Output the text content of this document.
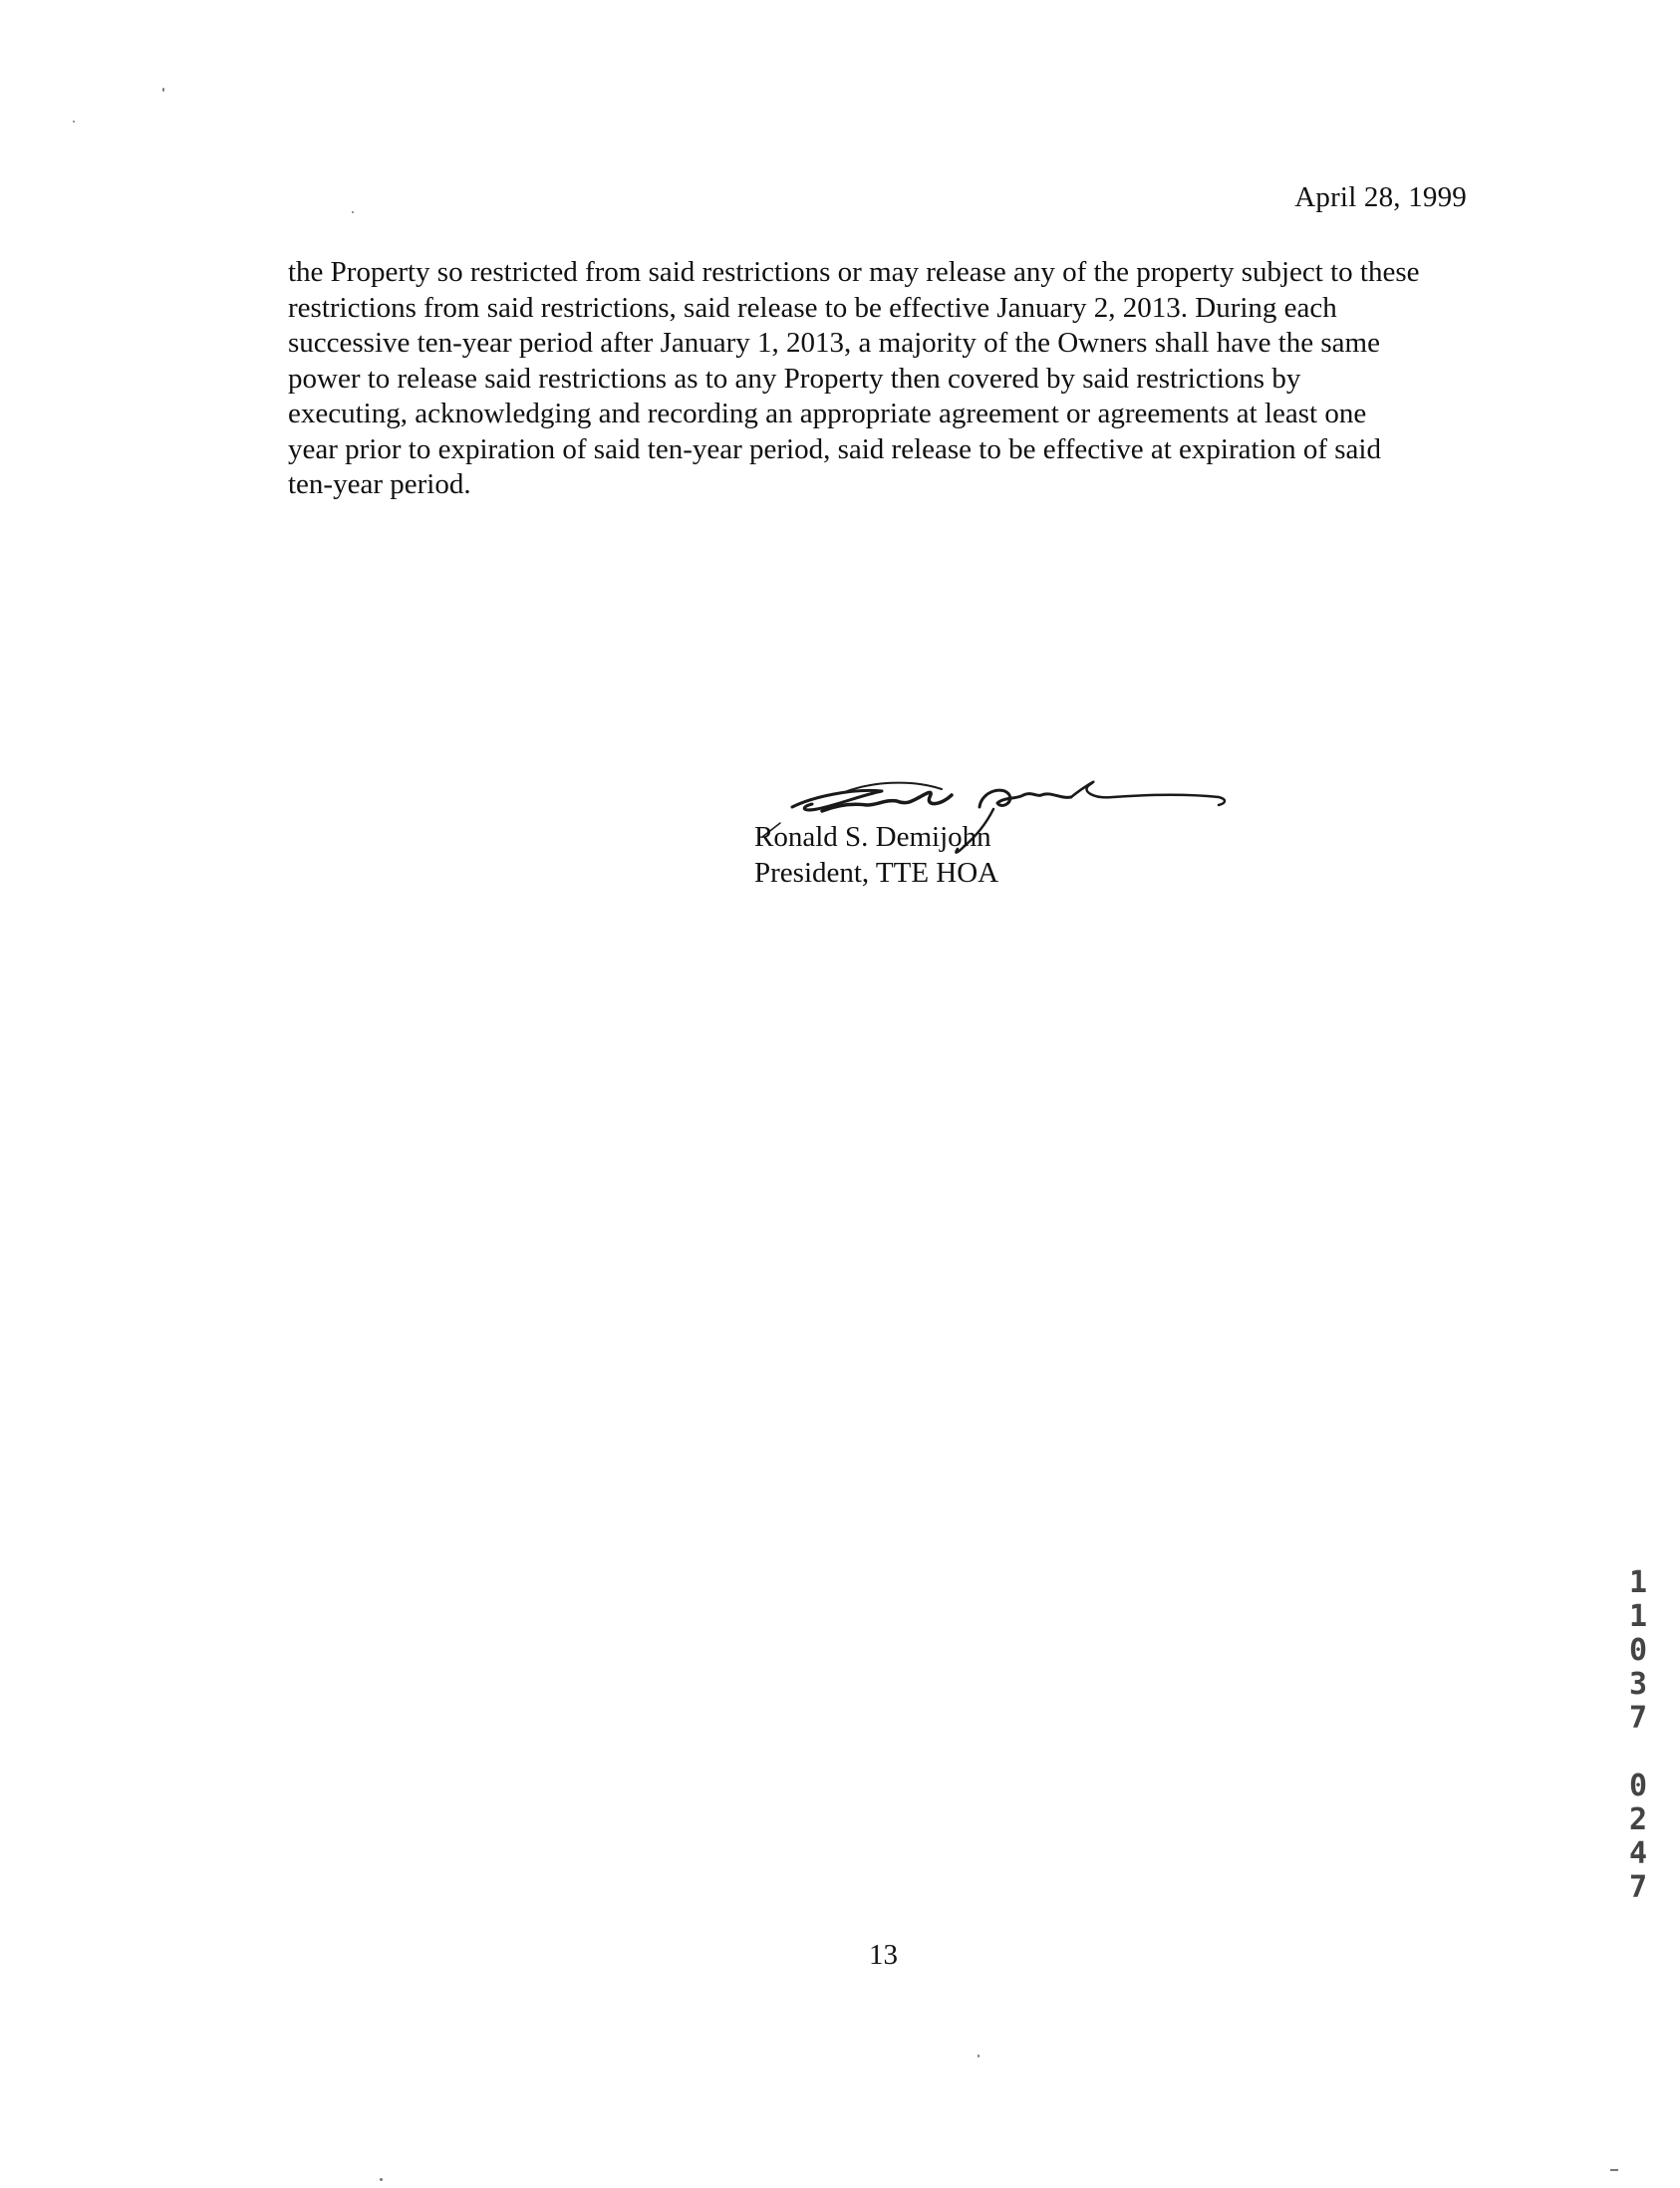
April 28, 1999
the Property so restricted from said restrictions or may release any of the property subject to these
restrictions from said restrictions, said release to be effective January 2, 2013. During each
successive ten-year period after January 1, 2013, a majority of the Owners shall have the same
power to release said restrictions as to any Property then covered by said restrictions by
executing, acknowledging and recording an appropriate agreement or agreements at least one
year prior to expiration of said ten-year period, said release to be effective at expiration of said
ten-year period.
Ronald S. Demijohn
President, TTE HOA
13
1
1
0
3
7
0
2
4
7
